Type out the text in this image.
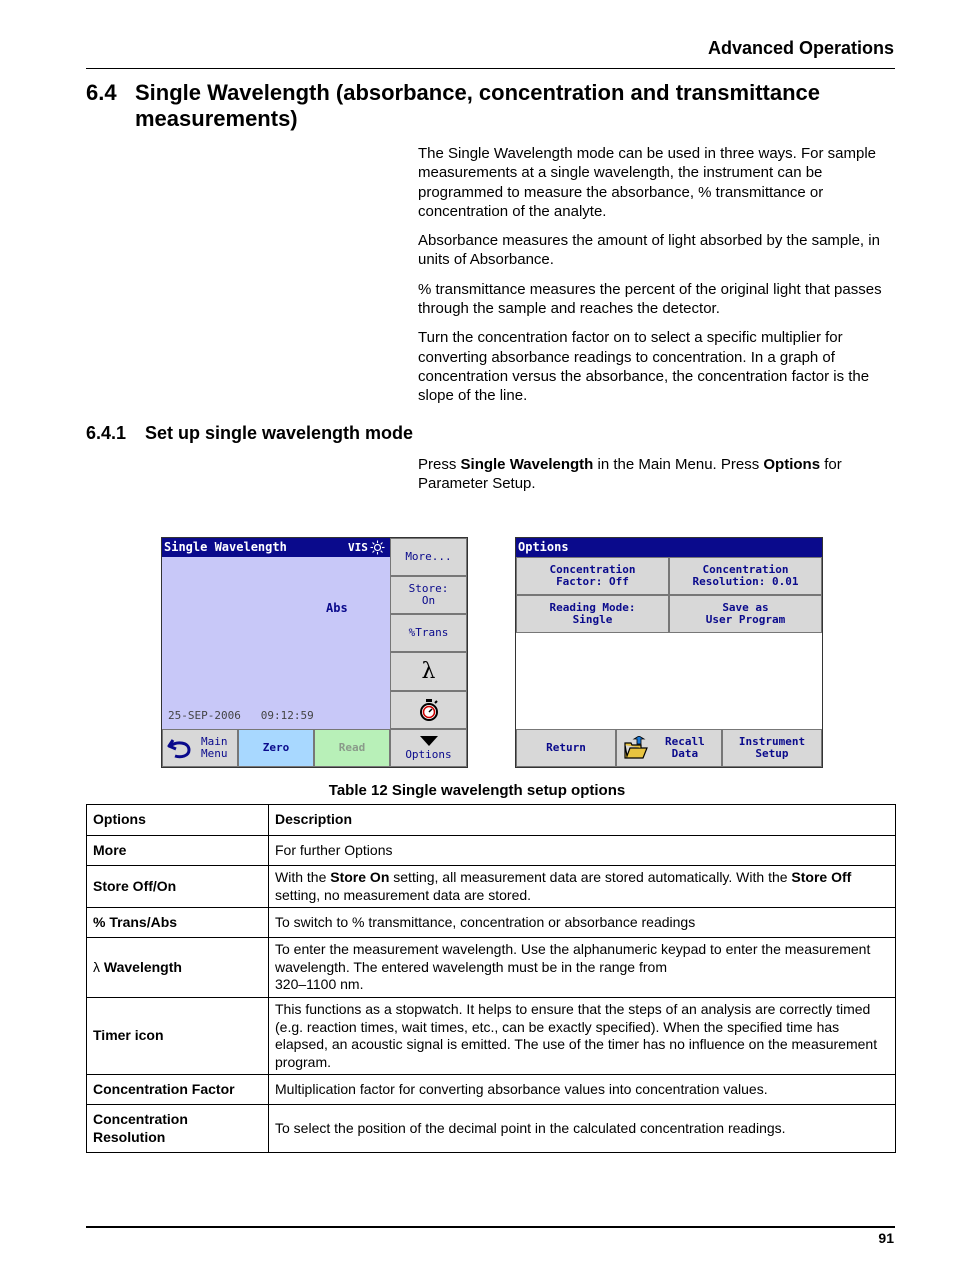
Advanced Operations
6.4 Single Wavelength (absorbance, concentration and transmittance measurements)

The Single Wavelength mode can be used in three ways. For sample measurements at a single wavelength, the instrument can be programmed to measure the absorbance, % transmittance or concentration of the analyte.

Absorbance measures the amount of light absorbed by the sample, in units of Absorbance.

% transmittance measures the percent of the original light that passes through the sample and reaches the detector.

Turn the concentration factor on to select a specific multiplier for converting absorbance readings to concentration. In a graph of concentration versus the absorbance, the concentration factor is the slope of the line.

6.4.1 Set up single wavelength mode
Press Single Wavelength in the Main Menu. Press Options for Parameter Setup.
Single Wavelength	VIS
Abs
25-SEP-2006   09:12:59
More...
Store:
On
%Trans
λ
Main
Menu	Zero	Read	Options
Options
Concentration
Factor: Off
Concentration
Resolution: 0.01
Reading Mode:
Single
Save as
User Program
Return	Recall
Data
Instrument
Setup
Table 12 Single wavelength setup options
Options	Description
More	For further Options
Store Off/On	With the Store On setting, all measurement data are stored automatically. With the Store Off setting, no measurement data are stored.
% Trans/Abs	To switch to % transmittance, concentration or absorbance readings
λ Wavelength	To enter the measurement wavelength. Use the alphanumeric keypad to enter the measurement wavelength. The entered wavelength must be in the range from
320–1100 nm.
Timer icon	This functions as a stopwatch. It helps to ensure that the steps of an analysis are correctly timed (e.g. reaction times, wait times, etc., can be exactly specified). When the specified time has elapsed, an acoustic signal is emitted. The use of the timer has no influence on the measurement program.
Concentration Factor	Multiplication factor for converting absorbance values into concentration values.
Concentration Resolution	To select the position of the decimal point in the calculated concentration readings.
91
